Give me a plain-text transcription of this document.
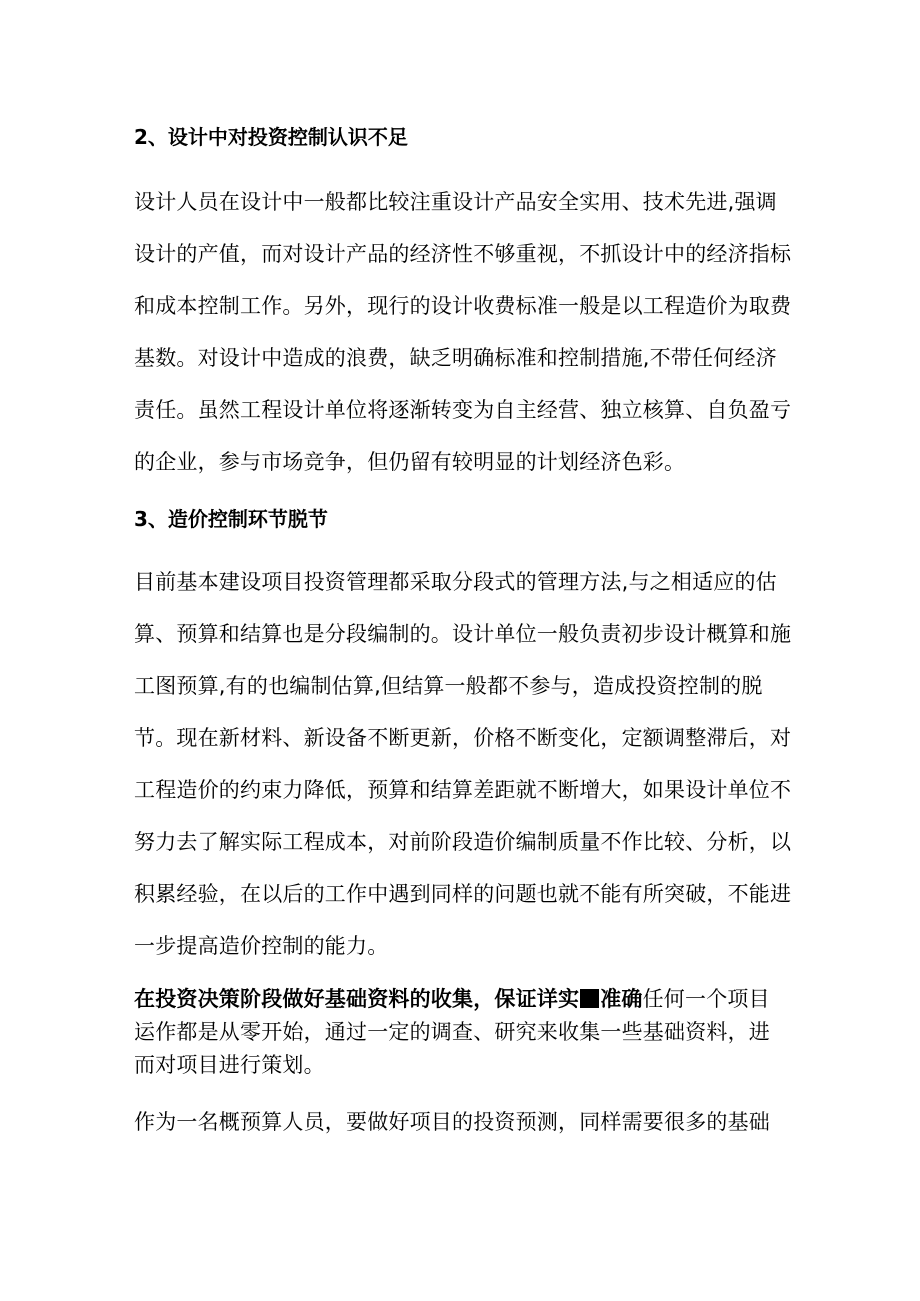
2、设计中对投资控制认识不足
设计人员在设计中一般都比较注重设计产品安全实用、技术先进,强调
设计的产值，而对设计产品的经济性不够重视，不抓设计中的经济指标
和成本控制工作。另外，现行的设计收费标准一般是以工程造价为取费
基数。对设计中造成的浪费，缺乏明确标准和控制措施,不带任何经济
责任。虽然工程设计单位将逐渐转变为自主经营、独立核算、自负盈亏
的企业，参与市场竞争，但仍留有较明显的计划经济色彩。
3、造价控制环节脱节
目前基本建设项目投资管理都采取分段式的管理方法,与之相适应的估
算、预算和结算也是分段编制的。设计单位一般负责初步设计概算和施
工图预算,有的也编制估算,但结算一般都不参与，造成投资控制的脱
节。现在新材料、新设备不断更新，价格不断变化，定额调整滞后，对
工程造价的约束力降低，预算和结算差距就不断增大，如果设计单位不
努力去了解实际工程成本，对前阶段造价编制质量不作比较、分析，以
积累经验，在以后的工作中遇到同样的问题也就不能有所突破，不能进
一步提高造价控制的能力。
在投资决策阶段做好基础资料的收集，保证详实 准确任何一个项目
运作都是从零开始，通过一定的调查、研究来收集一些基础资料，进
而对项目进行策划。
作为一名概预算人员，要做好项目的投资预测，同样需要很多的基础
